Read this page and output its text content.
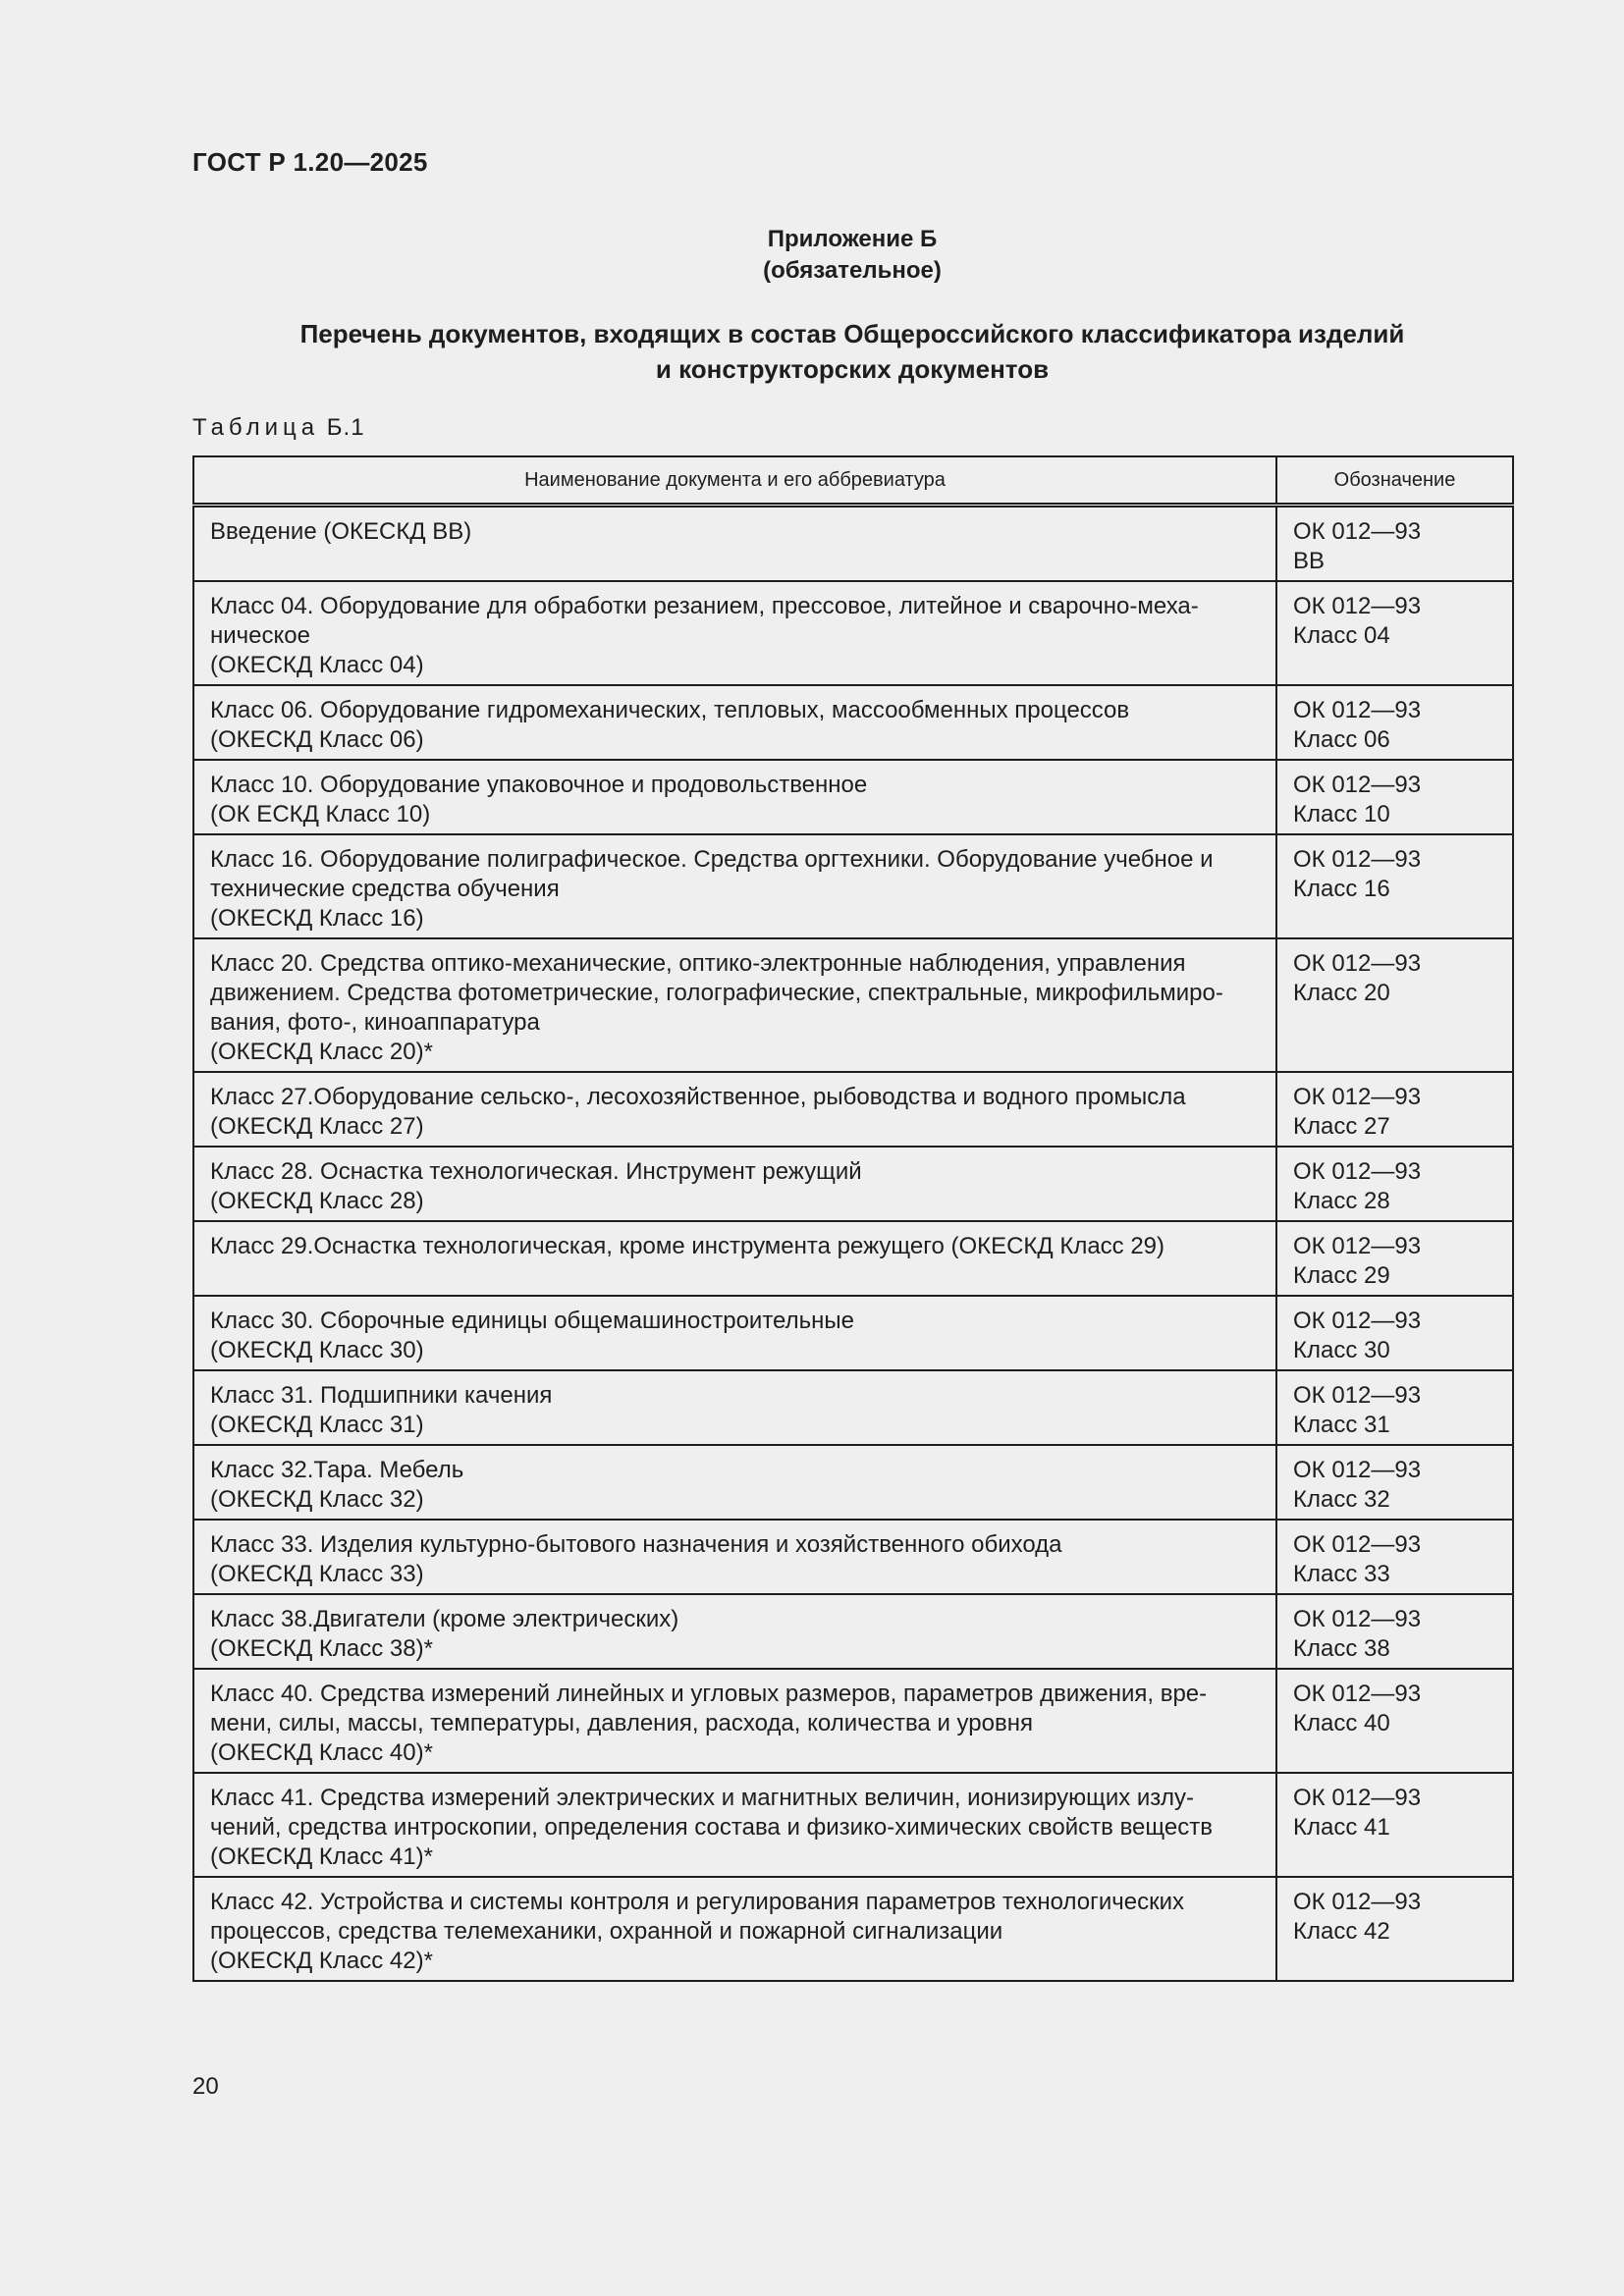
ГОСТ Р 1.20—2025
Приложение Б
(обязательное)
Перечень документов, входящих в состав Общероссийского классификатора изделий
и конструкторских документов
Таблица Б.1
Наименование документа и его аббревиатура	Обозначение

Введение (ОКЕСКД ВВ)	ОК 012—93
ВВ

Класс 04. Оборудование для обработки резанием, прессовое, литейное и сварочно-меха-
ническое
(ОКЕСКД Класс 04)	ОК 012—93
Класс 04

Класс 06. Оборудование гидромеханических, тепловых, массообменных процессов
(ОКЕСКД Класс 06)	ОК 012—93
Класс 06

Класс 10. Оборудование упаковочное и продовольственное
(ОК ЕСКД Класс 10)	ОК 012—93
Класс 10

Класс 16. Оборудование полиграфическое. Средства оргтехники. Оборудование учебное и
технические средства обучения
(ОКЕСКД Класс 16)	ОК 012—93
Класс 16

Класс 20. Средства оптико-механические, оптико-электронные наблюдения, управления
движением. Средства фотометрические, голографические, спектральные, микрофильмиро-
вания, фото-, киноаппаратура
(ОКЕСКД Класс 20)*	ОК 012—93
Класс 20

Класс 27.Оборудование сельско-, лесохозяйственное, рыбоводства и водного промысла
(ОКЕСКД Класс 27)	ОК 012—93
Класс 27

Класс 28. Оснастка технологическая. Инструмент режущий
(ОКЕСКД Класс 28)	ОК 012—93
Класс 28

Класс 29.Оснастка технологическая, кроме инструмента режущего (ОКЕСКД Класс 29)	ОК 012—93
Класс 29

Класс 30. Сборочные единицы общемашиностроительные
(ОКЕСКД Класс 30)	ОК 012—93
Класс 30

Класс 31. Подшипники качения
(ОКЕСКД Класс 31)	ОК 012—93
Класс 31

Класс 32.Тара. Мебель
(ОКЕСКД Класс 32)	ОК 012—93
Класс 32

Класс 33. Изделия культурно-бытового назначения и хозяйственного обихода
(ОКЕСКД Класс 33)	ОК 012—93
Класс 33

Класс 38.Двигатели (кроме электрических)
(ОКЕСКД Класс 38)*	ОК 012—93
Класс 38

Класс 40. Средства измерений линейных и угловых размеров, параметров движения, вре-
мени, силы, массы, температуры, давления, расхода, количества и уровня
(ОКЕСКД Класс 40)*	ОК 012—93
Класс 40

Класс 41. Средства измерений электрических и магнитных величин, ионизирующих излу-
чений, средства интроскопии, определения состава и физико-химических свойств веществ
(ОКЕСКД Класс 41)*	ОК 012—93
Класс 41

Класс 42. Устройства и системы контроля и регулирования параметров технологических
процессов, средства телемеханики, охранной и пожарной сигнализации
(ОКЕСКД Класс 42)*	ОК 012—93
Класс 42
20
